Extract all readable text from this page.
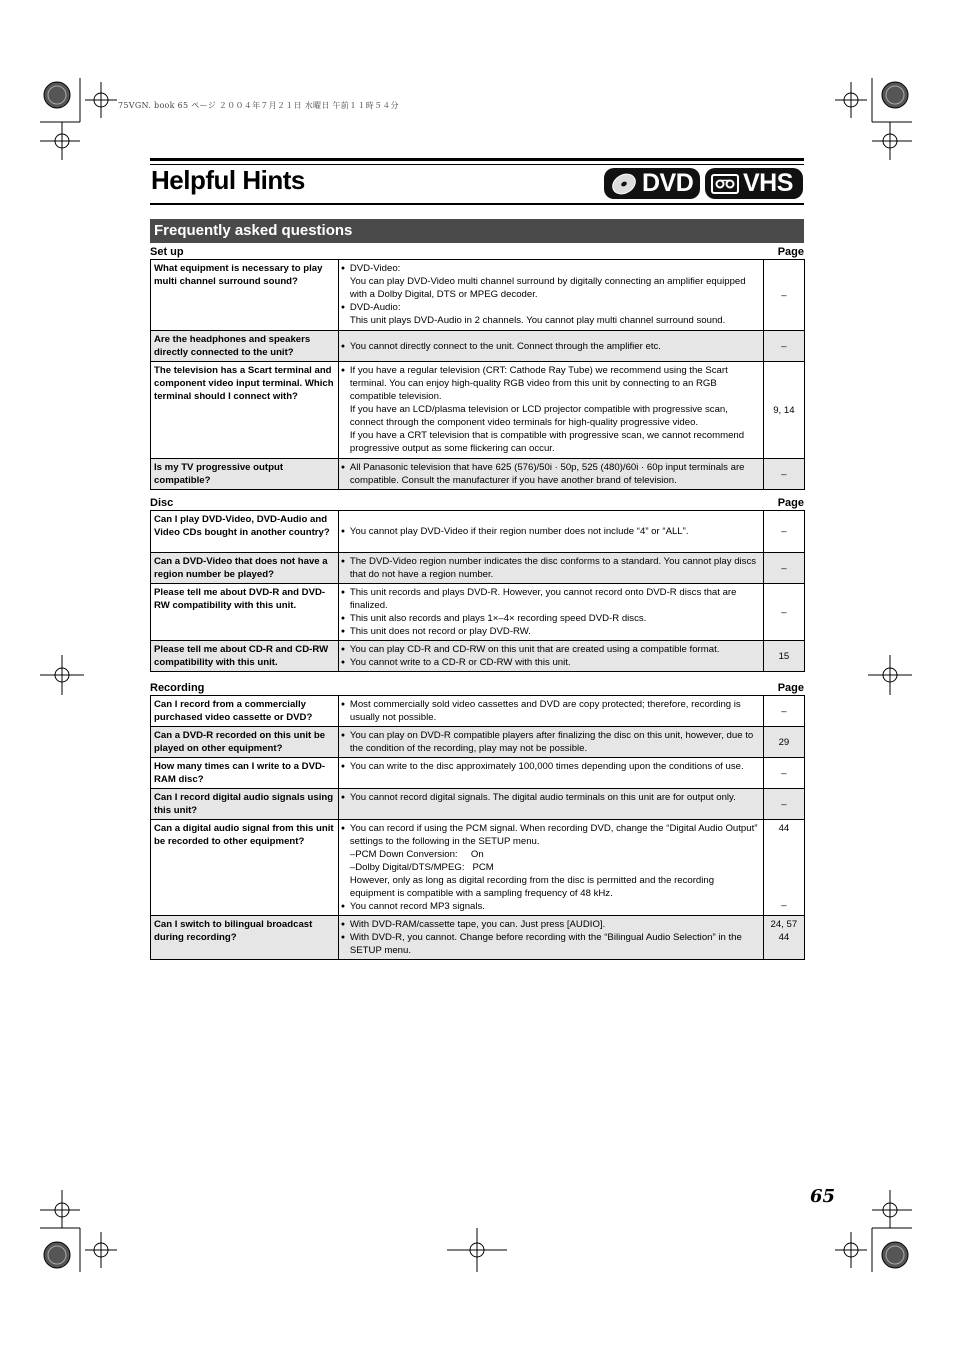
75VGN. book 65 ページ ２００４年７月２１日 水曜日 午前１１時５４分
Helpful Hints	DVD VHS
Frequently asked questions
Set up	Page
What equipment is necessary to play multi channel surround sound?	● DVD-Video:
You can play DVD-Video multi channel surround by digitally connecting an amplifier equipped with a Dolby Digital, DTS or MPEG decoder.
● DVD-Audio:
This unit plays DVD-Audio in 2 channels. You cannot play multi channel surround sound.	–
Are the headphones and speakers directly connected to the unit?	● You cannot directly connect to the unit. Connect through the amplifier etc.	–
The television has a Scart terminal and component video input terminal. Which terminal should I connect with?	● If you have a regular television (CRT: Cathode Ray Tube) we recommend using the Scart terminal. You can enjoy high-quality RGB video from this unit by connecting to an RGB compatible television.
If you have an LCD/plasma television or LCD projector compatible with progressive scan, connect through the component video terminals for high-quality progressive video.
If you have a CRT television that is compatible with progressive scan, we cannot recommend progressive output as some flickering can occur.	9, 14
Is my TV progressive output compatible?	● All Panasonic television that have 625 (576)/50i · 50p, 525 (480)/60i · 60p input terminals are compatible. Consult the manufacturer if you have another brand of television.	–
Disc	Page
Can I play DVD-Video, DVD-Audio and Video CDs bought in another country?	● You cannot play DVD-Video if their region number does not include “4” or “ALL”.	–
Can a DVD-Video that does not have a region number be played?	● The DVD-Video region number indicates the disc conforms to a standard. You cannot play discs that do not have a region number.	–
Please tell me about DVD-R and DVD-RW compatibility with this unit.	● This unit records and plays DVD-R. However, you cannot record onto DVD-R discs that are finalized.
● This unit also records and plays 1×–4× recording speed DVD-R discs.
● This unit does not record or play DVD-RW.	–
Please tell me about CD-R and CD-RW compatibility with this unit.	● You can play CD-R and CD-RW on this unit that are created using a compatible format.
● You cannot write to a CD-R or CD-RW with this unit.	15
Recording	Page
Can I record from a commercially purchased video cassette or DVD?	● Most commercially sold video cassettes and DVD are copy protected; therefore, recording is usually not possible.	–
Can a DVD-R recorded on this unit be played on other equipment?	● You can play on DVD-R compatible players after finalizing the disc on this unit, however, due to the condition of the recording, play may not be possible.	29
How many times can I write to a DVD-RAM disc?	● You can write to the disc approximately 100,000 times depending upon the conditions of use.	–
Can I record digital audio signals using this unit?	● You cannot record digital signals. The digital audio terminals on this unit are for output only.	–
Can a digital audio signal from this unit be recorded to other equipment?	● You can record if using the PCM signal. When recording DVD, change the “Digital Audio Output” settings to the following in the SETUP menu.
–PCM Down Conversion:     On
–Dolby Digital/DTS/MPEG:   PCM
However, only as long as digital recording from the disc is permitted and the recording equipment is compatible with a sampling frequency of 48 kHz.
● You cannot record MP3 signals.	44
–

Can I switch to bilingual broadcast during recording?	● With DVD-RAM/cassette tape, you can. Just press [AUDIO].
● With DVD-R, you cannot. Change before recording with the “Bilingual Audio Selection” in the SETUP menu.	24, 57
44
65
